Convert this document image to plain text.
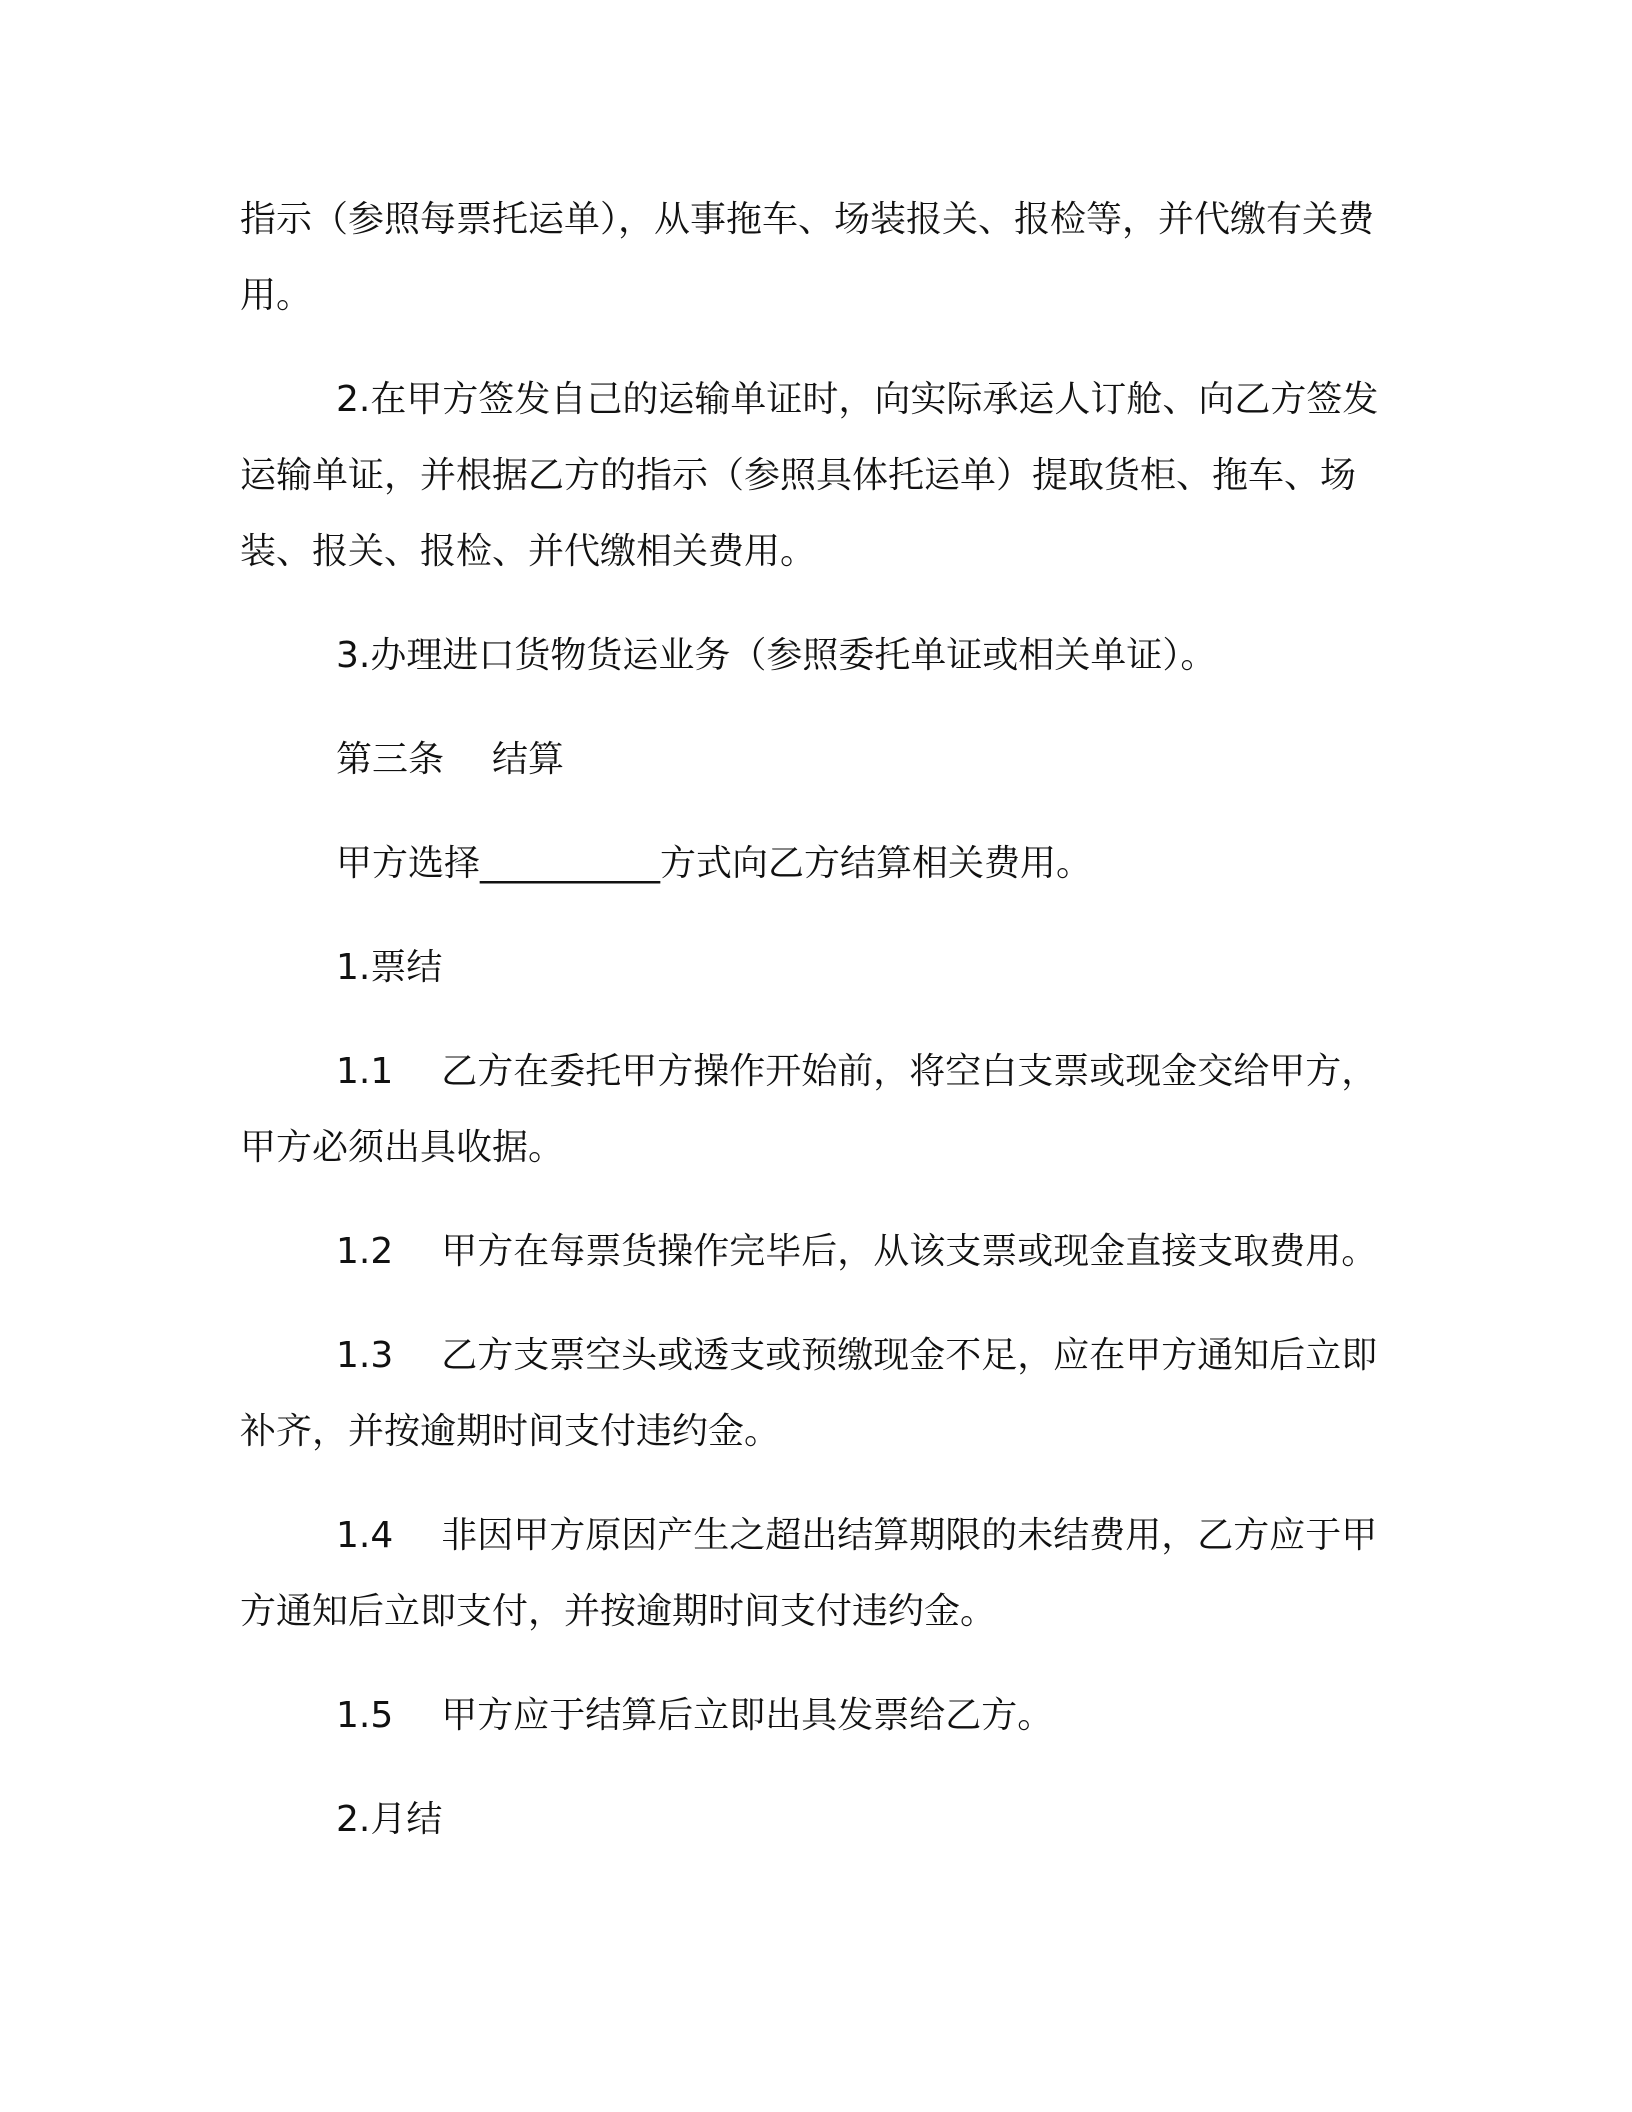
指示（参照每票托运单），从事拖车、场装报关、报检等，并代缴有关费用。

2.在甲方签发自己的运输单证时，向实际承运人订舱、向乙方签发运输单证，并根据乙方的指示（参照具体托运单）提取货柜、拖车、场装、报关、报检、并代缴相关费用。

3.办理进口货物货运业务（参照委托单证或相关单证）。

第三条 结算

甲方选择__________方式向乙方结算相关费用。

1.票结

1.1 乙方在委托甲方操作开始前，将空白支票或现金交给甲方，甲方必须出具收据。

1.2 甲方在每票货操作完毕后，从该支票或现金直接支取费用。

1.3 乙方支票空头或透支或预缴现金不足，应在甲方通知后立即补齐，并按逾期时间支付违约金。

1.4 非因甲方原因产生之超出结算期限的未结费用，乙方应于甲方通知后立即支付，并按逾期时间支付违约金。

1.5 甲方应于结算后立即出具发票给乙方。

2.月结
